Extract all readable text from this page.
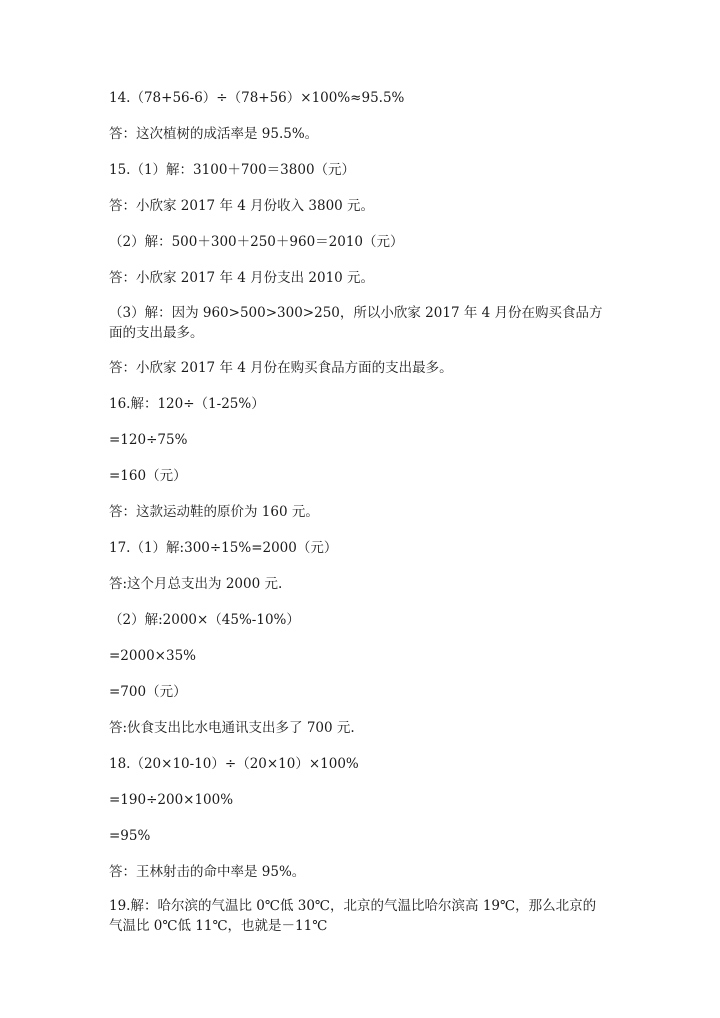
14.（78+56-6）÷（78+56）×100%≈95.5%
答：这次植树的成活率是 95.5%。
15.（1）解：3100＋700＝3800（元）
答：小欣家 2017 年 4 月份收入 3800 元。
（2）解：500＋300＋250＋960＝2010（元）
答：小欣家 2017 年 4 月份支出 2010 元。
（3）解：因为 960>500>300>250，所以小欣家 2017 年 4 月份在购买食品方面的支出最多。
答：小欣家 2017 年 4 月份在购买食品方面的支出最多。
16.解：120÷（1-25%）
=120÷75%
=160（元）
答：这款运动鞋的原价为 160 元。
17.（1）解:300÷15%=2000（元）
答:这个月总支出为 2000 元.
（2）解:2000×（45%-10%）
=2000×35%
=700（元）
答:伙食支出比水电通讯支出多了 700 元.
18.（20×10-10）÷（20×10）×100%
=190÷200×100%
=95%
答：王林射击的命中率是 95%。
19.解：哈尔滨的气温比 0℃低 30℃，北京的气温比哈尔滨高 19℃，那么北京的气温比 0℃低 11℃，也就是－11℃
